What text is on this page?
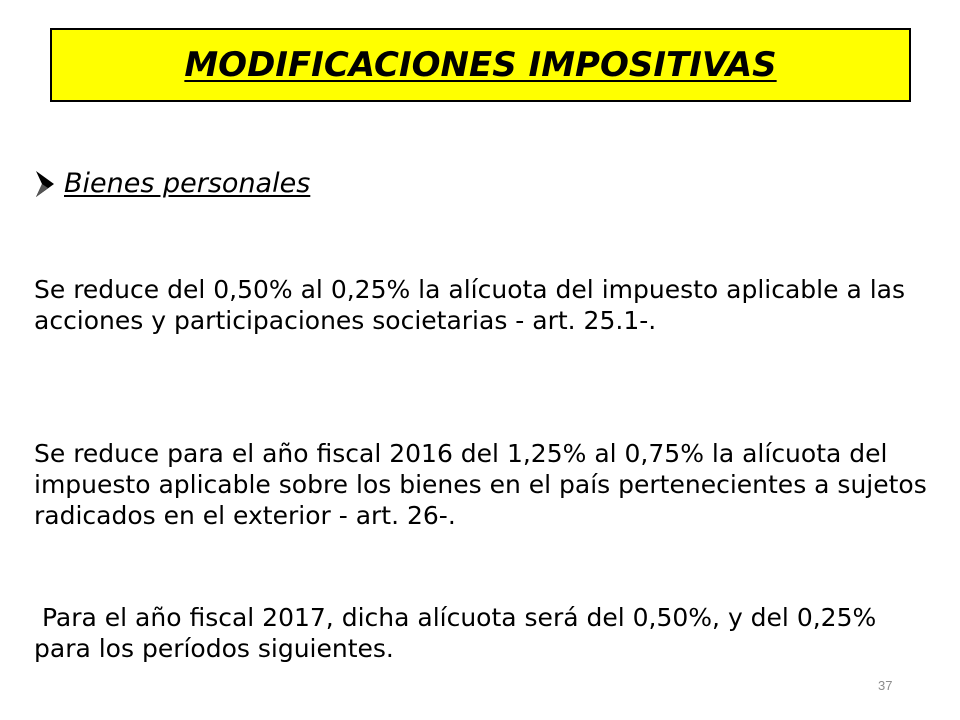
MODIFICACIONES IMPOSITIVAS
Bienes personales

Se reduce del 0,50% al 0,25% la alícuota del impuesto aplicable a las acciones y participaciones societarias - art. 25.1-.

Se reduce para el año fiscal 2016 del 1,25% al 0,75% la alícuota del impuesto aplicable sobre los bienes en el país pertenecientes a sujetos radicados en el exterior - art. 26-.

Para el año fiscal 2017, dicha alícuota será del 0,50%, y del 0,25% para los períodos siguientes.

37
